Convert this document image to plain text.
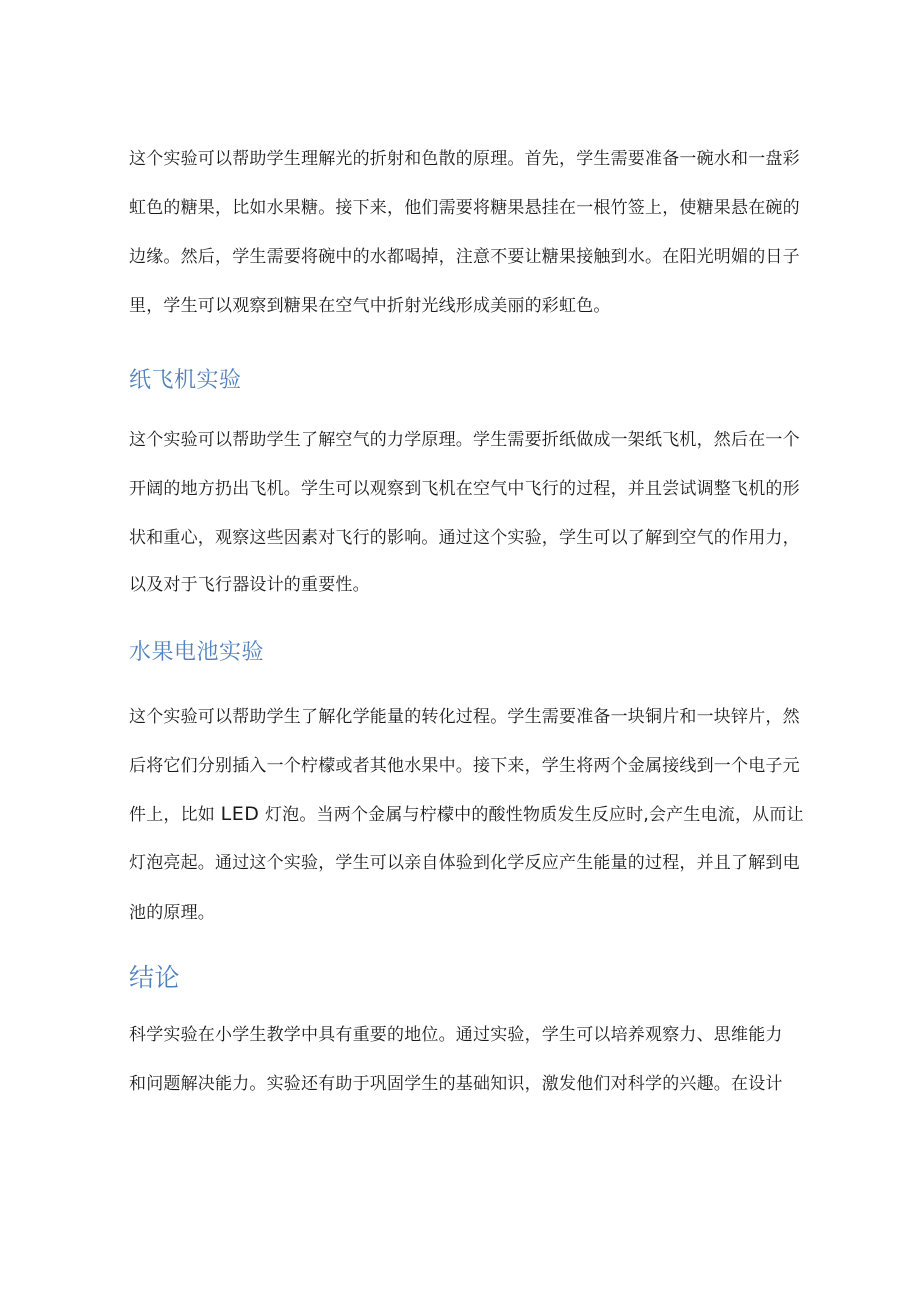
这个实验可以帮助学生理解光的折射和色散的原理。首先，学生需要准备一碗水和一盘彩
虹色的糖果，比如水果糖。接下来，他们需要将糖果悬挂在一根竹签上，使糖果悬在碗的
边缘。然后，学生需要将碗中的水都喝掉，注意不要让糖果接触到水。在阳光明媚的日子
里，学生可以观察到糖果在空气中折射光线形成美丽的彩虹色。
纸飞机实验
这个实验可以帮助学生了解空气的力学原理。学生需要折纸做成一架纸飞机，然后在一个
开阔的地方扔出飞机。学生可以观察到飞机在空气中飞行的过程，并且尝试调整飞机的形
状和重心，观察这些因素对飞行的影响。通过这个实验，学生可以了解到空气的作用力，
以及对于飞行器设计的重要性。
水果电池实验
这个实验可以帮助学生了解化学能量的转化过程。学生需要准备一块铜片和一块锌片，然
后将它们分别插入一个柠檬或者其他水果中。接下来，学生将两个金属接线到一个电子元
件上，比如 LED 灯泡。当两个金属与柠檬中的酸性物质发生反应时,会产生电流，从而让
灯泡亮起。通过这个实验，学生可以亲自体验到化学反应产生能量的过程，并且了解到电
池的原理。
结论
科学实验在小学生教学中具有重要的地位。通过实验，学生可以培养观察力、思维能力
和问题解决能力。实验还有助于巩固学生的基础知识，激发他们对科学的兴趣。在设计
